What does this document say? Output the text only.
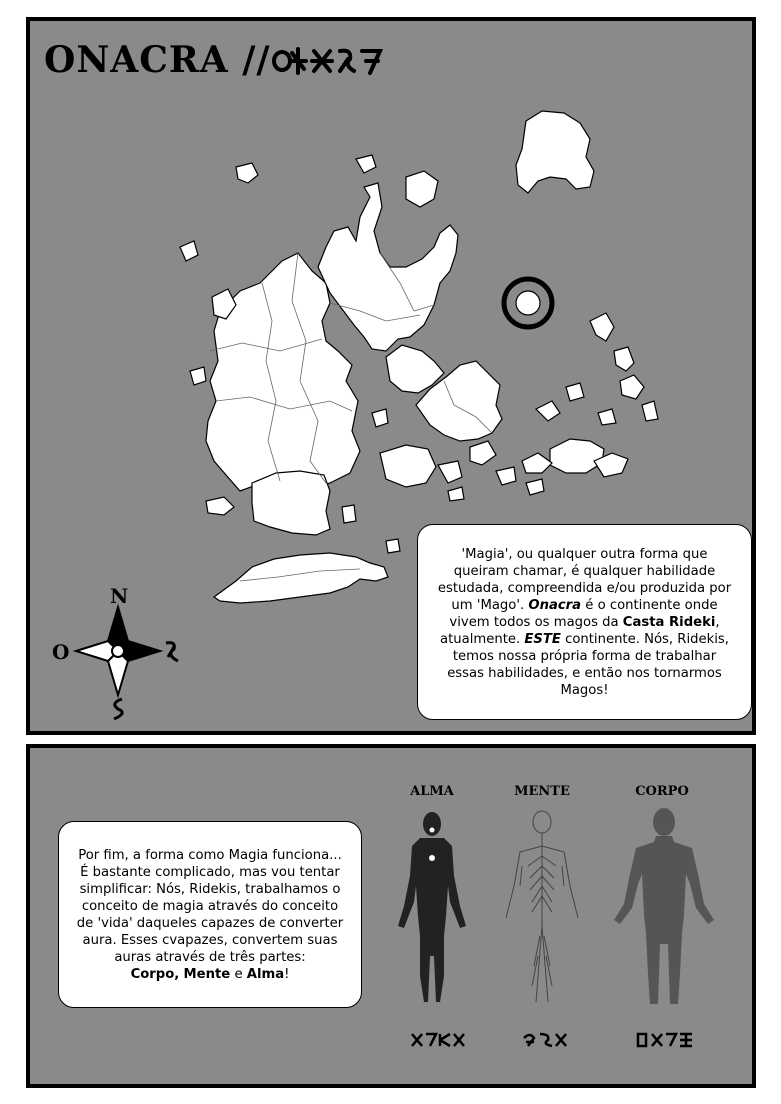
ONACRA //
N
O

'Magia', ou qualquer outra forma que queiram chamar, é qualquer habilidade estudada, compreendida e/ou produzida por um 'Mago'. Onacra é o continente onde vivem todos os magos da Casta Rideki, atualmente. ESTE continente. Nós, Ridekis, temos nossa própria forma de trabalhar essas habilidades, e então nos tornarmos Magos!

Por fim, a forma como Magia funciona... É bastante complicado, mas vou tentar simplificar: Nós, Ridekis, trabalhamos o conceito de magia através do conceito de 'vida' daqueles capazes de converter aura. Esses cvapazes, convertem suas auras através de três partes:
Corpo, Mente e Alma!

ALMA	MENTE	CORPO
